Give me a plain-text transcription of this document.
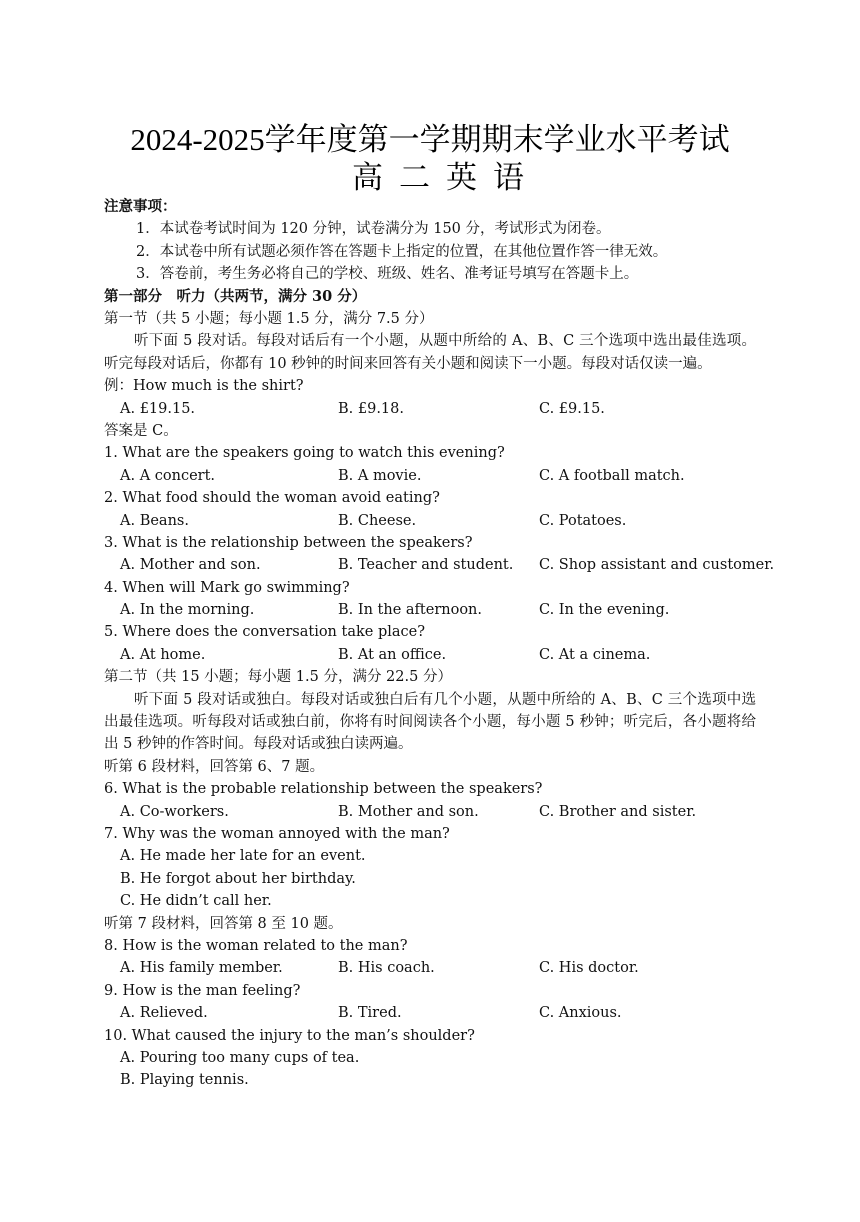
2024-2025学年度第一学期期末学业水平考试
高二英语
注意事项：
1．本试卷考试时间为 120 分钟，试卷满分为 150 分，考试形式为闭卷。
2．本试卷中所有试题必须作答在答题卡上指定的位置，在其他位置作答一律无效。
3．答卷前，考生务必将自己的学校、班级、姓名、准考证号填写在答题卡上。
第一部分　听力（共两节，满分 30 分）
第一节（共 5 小题；每小题 1.5 分，满分 7.5 分）
听下面 5 段对话。每段对话后有一个小题，从题中所给的 A、B、C 三个选项中选出最佳选项。听完每段对话后，你都有 10 秒钟的时间来回答有关小题和阅读下一小题。每段对话仅读一遍。
例：How much is the shirt?
A. £19.15.	B. £9.18.	C. £9.15.
答案是 C。
1. What are the speakers going to watch this evening?
A. A concert.	B. A movie.	C. A football match.
2. What food should the woman avoid eating?
A. Beans.	B. Cheese.	C. Potatoes.
3. What is the relationship between the speakers?
A. Mother and son.	B. Teacher and student. C. Shop assistant and customer.
4. When will Mark go swimming?
A. In the morning.	B. In the afternoon.	C. In the evening.
5. Where does the conversation take place?
A. At home.	B. At an office.	C. At a cinema.
第二节（共 15 小题；每小题 1.5 分，满分 22.5 分）
听下面 5 段对话或独白。每段对话或独白后有几个小题，从题中所给的 A、B、C 三个选项中选出最佳选项。听每段对话或独白前，你将有时间阅读各个小题，每小题 5 秒钟；听完后，各小题将给出 5 秒钟的作答时间。每段对话或独白读两遍。
听第 6 段材料，回答第 6、7 题。
6. What is the probable relationship between the speakers?
A. Co-workers.	B. Mother and son.	C. Brother and sister.
7. Why was the woman annoyed with the man?
A. He made her late for an event.
B. He forgot about her birthday.
C. He didn’t call her.
听第 7 段材料，回答第 8 至 10 题。
8. How is the woman related to the man?
A. His family member.	B. His coach.	C. His doctor.
9. How is the man feeling?
A. Relieved.	B. Tired.	C. Anxious.
10. What caused the injury to the man’s shoulder?
A. Pouring too many cups of tea.
B. Playing tennis.
